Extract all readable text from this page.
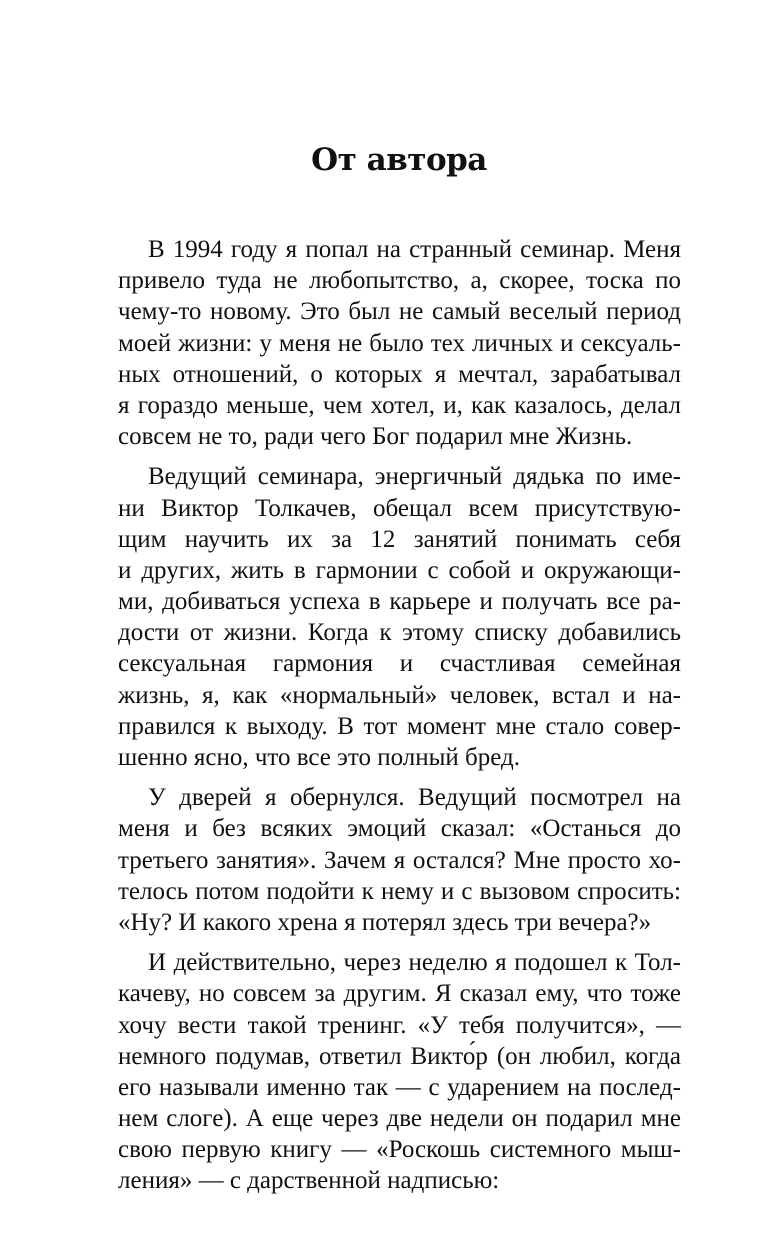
От автора
В 1994 году я попал на странный семинар. Меня
привело туда не любопытство, а, скорее, тоска по
чему-то новому. Это был не самый веселый период
моей жизни: у меня не было тех личных и сексуаль-
ных отношений, о которых я мечтал, зарабатывал
я гораздо меньше, чем хотел, и, как казалось, делал
совсем не то, ради чего Бог подарил мне Жизнь.
Ведущий семинара, энергичный дядька по име-
ни Виктор Толкачев, обещал всем присутствую-
щим научить их за 12 занятий понимать себя
и других, жить в гармонии с собой и окружающи-
ми, добиваться успеха в карьере и получать все ра-
дости от жизни. Когда к этому списку добавились
сексуальная гармония и счастливая семейная
жизнь, я, как «нормальный» человек, встал и на-
правился к выходу. В тот момент мне стало совер-
шенно ясно, что все это полный бред.
У дверей я обернулся. Ведущий посмотрел на
меня и без всяких эмоций сказал: «Останься до
третьего занятия». Зачем я остался? Мне просто хо-
телось потом подойти к нему и с вызовом спросить:
«Ну? И какого хрена я потерял здесь три вечера?»
И действительно, через неделю я подошел к Тол-
качеву, но совсем за другим. Я сказал ему, что тоже
хочу вести такой тренинг. «У тебя получится», —
немного подумав, ответил Викто́р (он любил, когда
его называли именно так — с ударением на послед-
нем слоге). А еще через две недели он подарил мне
свою первую книгу — «Роскошь системного мыш-
ления» — с дарственной надписью:
